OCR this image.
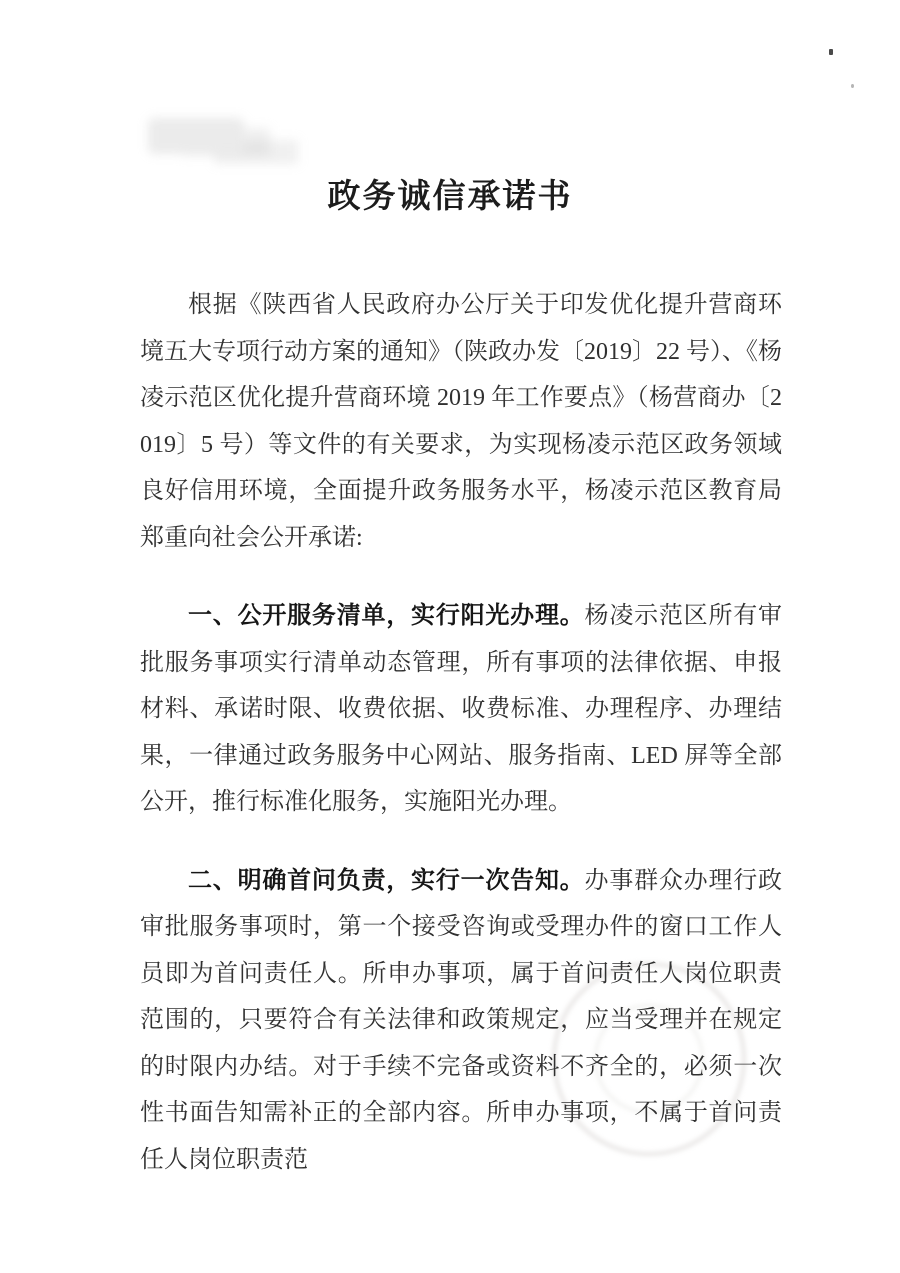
政务诚信承诺书

根据《陕西省人民政府办公厅关于印发优化提升营商环境五大专项行动方案的通知》（陕政办发〔2019〕22 号）、《杨凌示范区优化提升营商环境 2019 年工作要点》（杨营商办〔2019〕5 号）等文件的有关要求，为实现杨凌示范区政务领域良好信用环境，全面提升政务服务水平，杨凌示范区教育局郑重向社会公开承诺:

一、公开服务清单，实行阳光办理。杨凌示范区所有审批服务事项实行清单动态管理，所有事项的法律依据、申报材料、承诺时限、收费依据、收费标准、办理程序、办理结果，一律通过政务服务中心网站、服务指南、LED 屏等全部公开，推行标准化服务，实施阳光办理。

二、明确首问负责，实行一次告知。办事群众办理行政审批服务事项时，第一个接受咨询或受理办件的窗口工作人员即为首问责任人。所申办事项，属于首问责任人岗位职责范围的，只要符合有关法律和政策规定，应当受理并在规定的时限内办结。对于手续不完备或资料不齐全的，必须一次性书面告知需补正的全部内容。所申办事项，不属于首问责任人岗位职责范
